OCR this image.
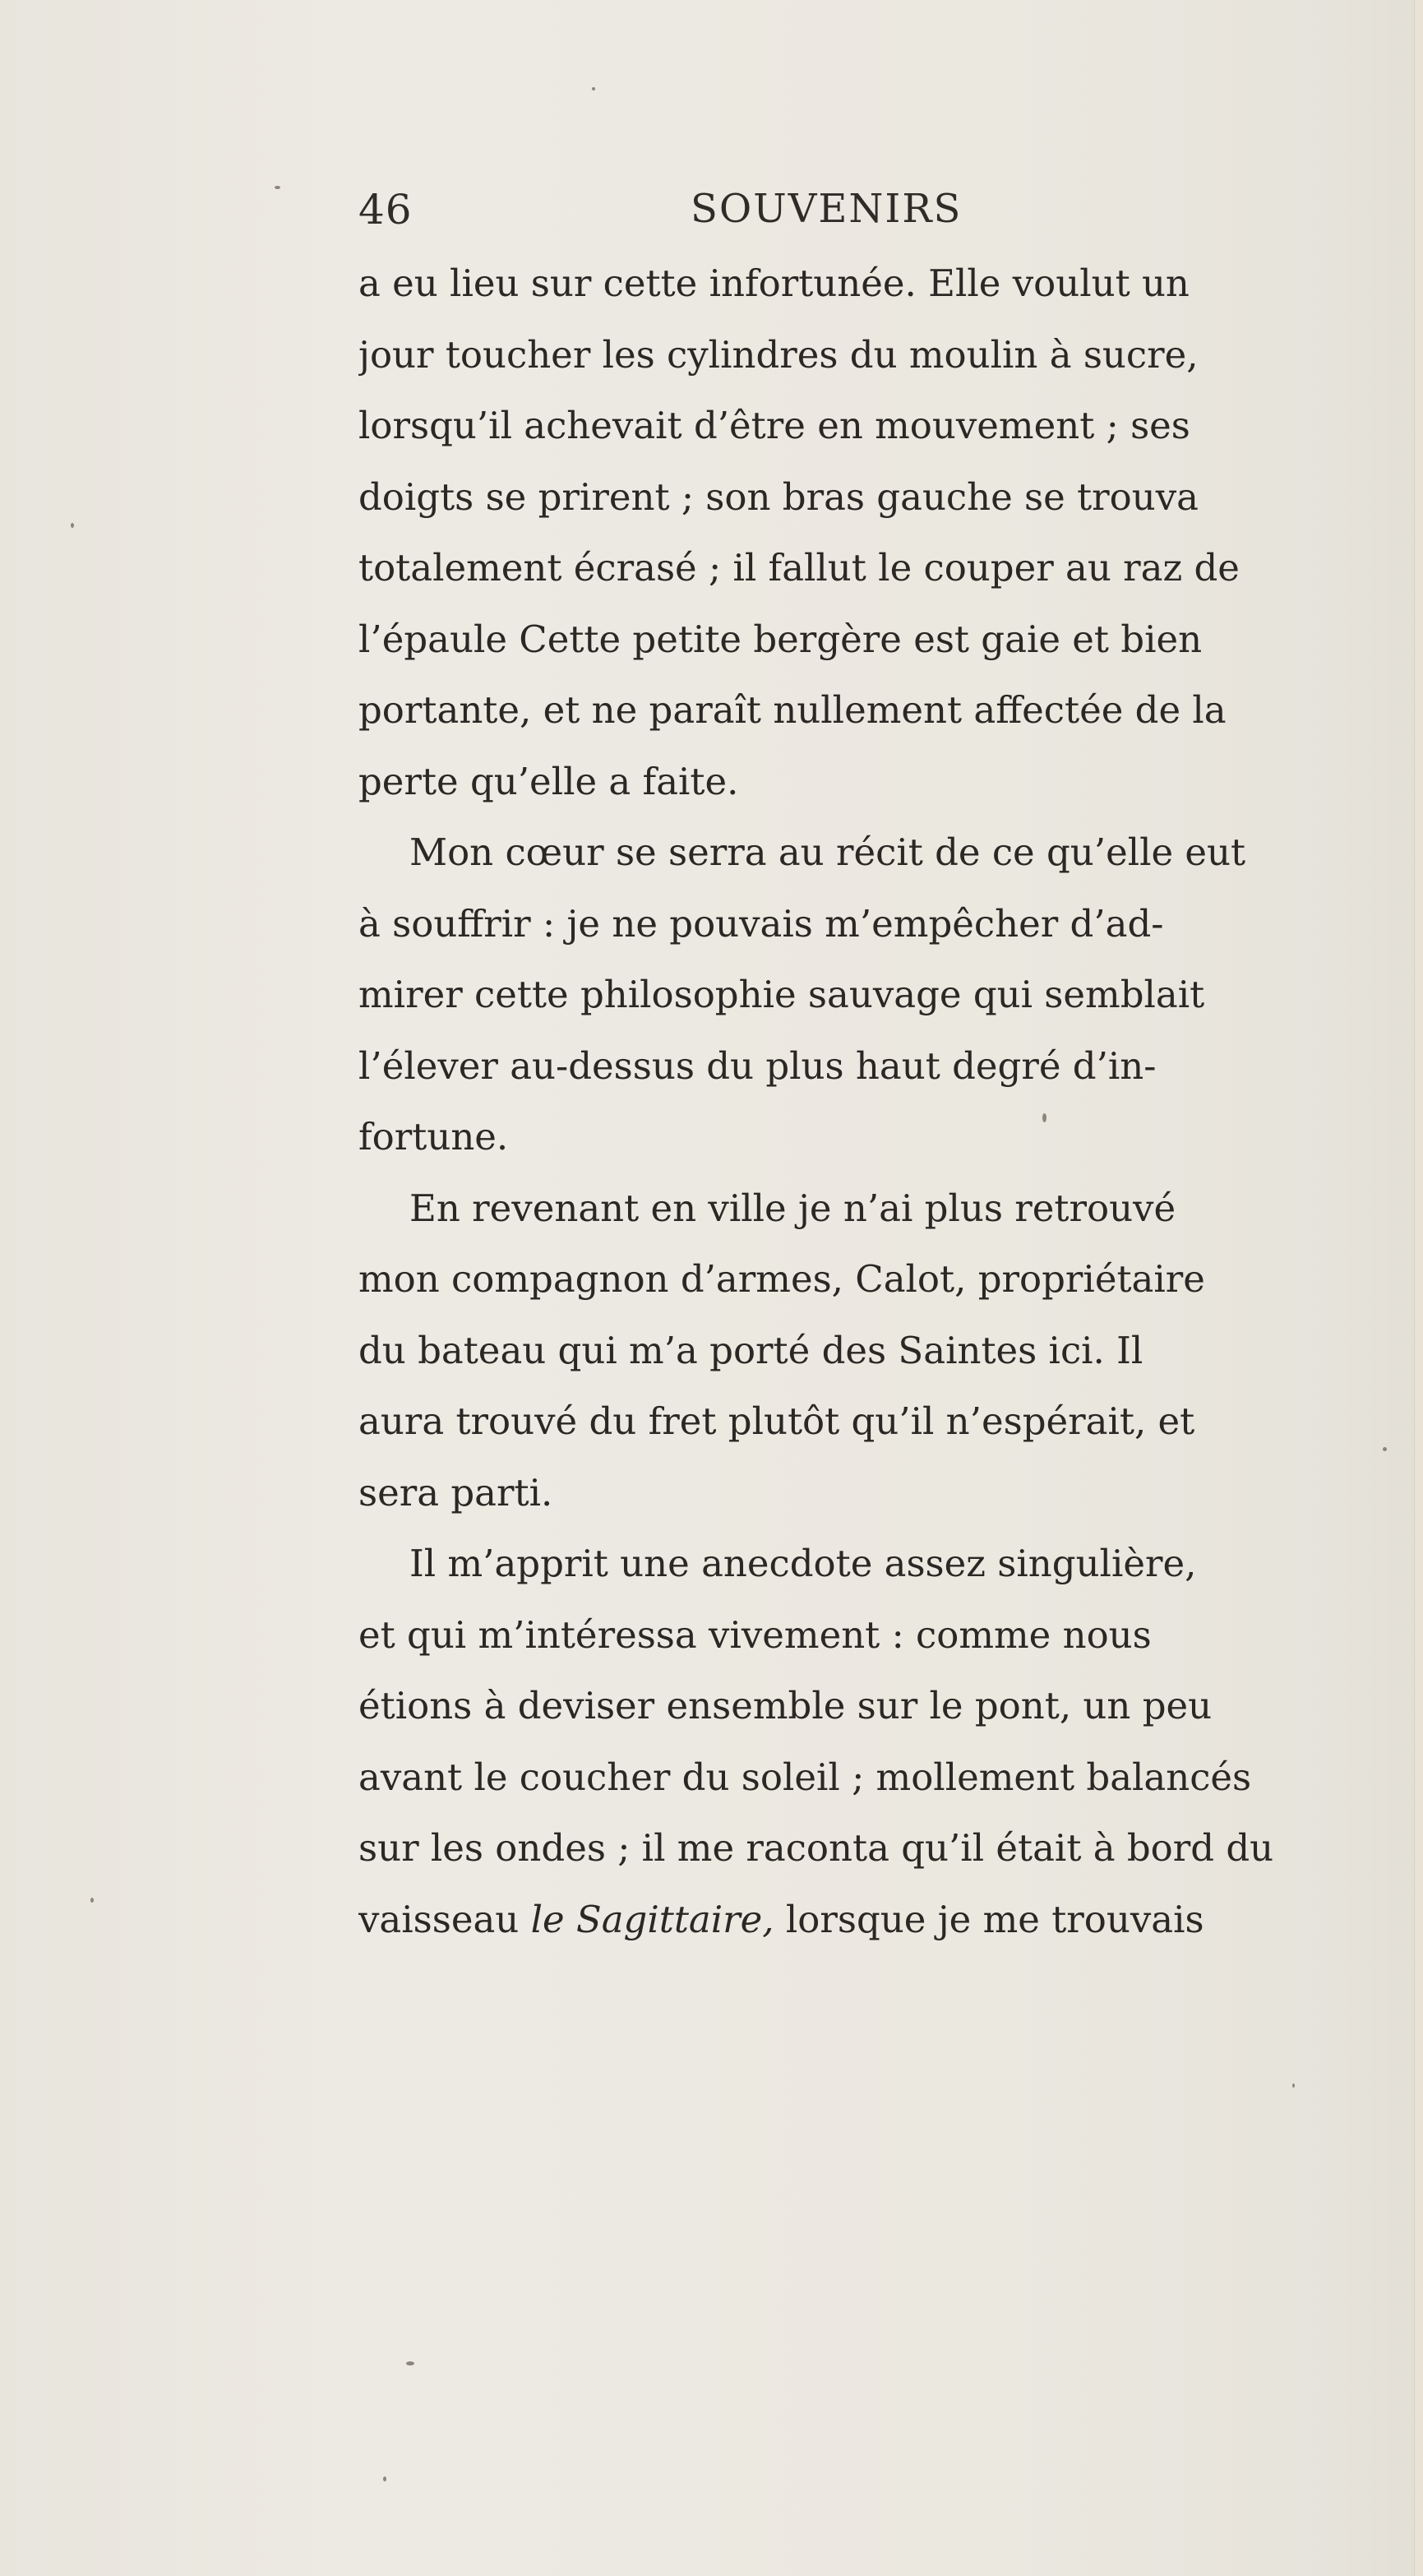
46	SOUVENIRS
a eu lieu sur cette infortunée. Elle voulut un
jour toucher les cylindres du moulin à sucre,
lorsqu’il achevait d’être en mouvement ; ses
doigts se prirent ; son bras gauche se trouva
totalement écrasé ; il fallut le couper au raz de
l’épaule Cette petite bergère est gaie et bien
portante, et ne paraît nullement affectée de la
perte qu’elle a faite.
Mon cœur se serra au récit de ce qu’elle eut
à souffrir : je ne pouvais m’empêcher d’ad-
mirer cette philosophie sauvage qui semblait
l’élever au-dessus du plus haut degré d’in-
fortune.
En revenant en ville je n’ai plus retrouvé
mon compagnon d’armes, Calot, propriétaire
du bateau qui m’a porté des Saintes ici. Il
aura trouvé du fret plutôt qu’il n’espérait, et
sera parti.
Il m’apprit une anecdote assez singulière,
et qui m’intéressa vivement : comme nous
étions à deviser ensemble sur le pont, un peu
avant le coucher du soleil ; mollement balancés
sur les ondes ; il me raconta qu’il était à bord du
vaisseau le Sagittaire, lorsque je me trouvais
